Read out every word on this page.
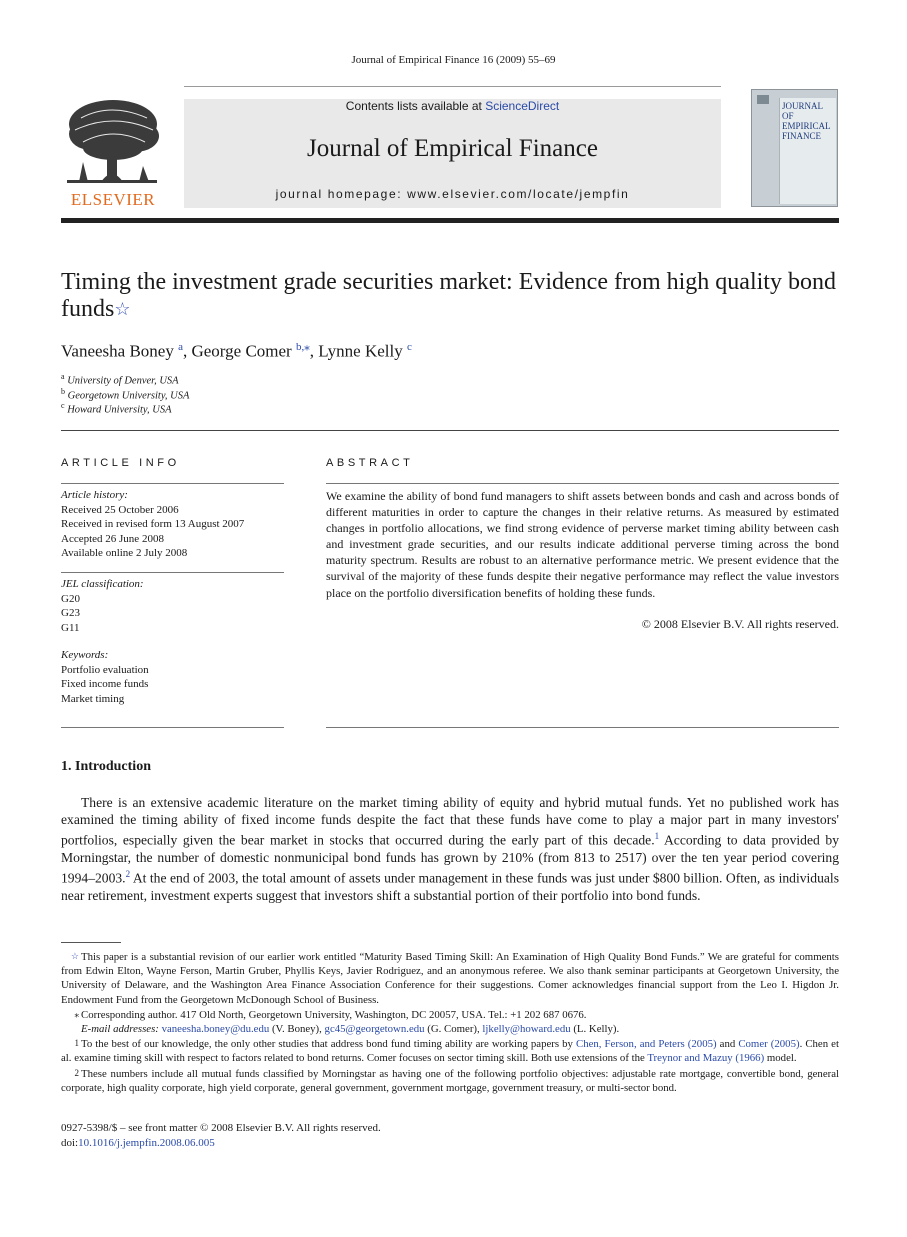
Journal of Empirical Finance 16 (2009) 55–69
ELSEVIER
Contents lists available at ScienceDirect
Journal of Empirical Finance
journal homepage: www.elsevier.com/locate/jempfin
JOURNAL OF EMPIRICAL FINANCE
Timing the investment grade securities market: Evidence from high quality bond funds☆
Vaneesha Boney $^a$, George Comer $^{b,⁎}$, Lynne Kelly $^c$
$^a$ University of Denver, USA
$^b$ Georgetown University, USA
$^c$ Howard University, USA
ARTICLE INFO	ABSTRACT
Article history:
Received 25 October 2006
Received in revised form 13 August 2007
Accepted 26 June 2008
Available online 2 July 2008
JEL classification:
G20
G23
G11
Keywords:
Portfolio evaluation
Fixed income funds
Market timing
We examine the ability of bond fund managers to shift assets between bonds and cash and across bonds of different maturities in order to capture the changes in their relative returns. As measured by estimated changes in portfolio allocations, we find strong evidence of perverse market timing ability between cash and investment grade securities, and our results indicate additional perverse timing across the bond maturity spectrum. Results are robust to an alternative performance metric. We present evidence that the survival of the majority of these funds despite their negative performance may reflect the value investors place on the portfolio diversification benefits of holding these funds.
© 2008 Elsevier B.V. All rights reserved.
1. Introduction
There is an extensive academic literature on the market timing ability of equity and hybrid mutual funds. Yet no published work has examined the timing ability of fixed income funds despite the fact that these funds have come to play a major part in many investors' portfolios, especially given the bear market in stocks that occurred during the early part of this decade.$^1$ According to data provided by Morningstar, the number of domestic nonmunicipal bond funds has grown by 210% (from 813 to 2517) over the ten year period covering 1994–2003.$^2$ At the end of 2003, the total amount of assets under management in these funds was just under $800 billion. Often, as individuals near retirement, investment experts suggest that investors shift a substantial portion of their portfolio into bond funds.

☆ This paper is a substantial revision of our earlier work entitled “Maturity Based Timing Skill: An Examination of High Quality Bond Funds.” We are grateful for comments from Edwin Elton, Wayne Ferson, Martin Gruber, Phyllis Keys, Javier Rodriguez, and an anonymous referee. We also thank seminar participants at Georgetown University, the University of Delaware, and the Washington Area Finance Association Conference for their suggestions. Comer acknowledges financial support from the Leo I. Higdon Jr. Endowment Fund from the Georgetown McDonough School of Business.

⁎ Corresponding author. 417 Old North, Georgetown University, Washington, DC 20057, USA. Tel.: +1 202 687 0676.

E-mail addresses: vaneesha.boney@du.edu (V. Boney), gc45@georgetown.edu (G. Comer), ljkelly@howard.edu (L. Kelly).

1 To the best of our knowledge, the only other studies that address bond fund timing ability are working papers by Chen, Ferson, and Peters (2005) and Comer (2005). Chen et al. examine timing skill with respect to factors related to bond returns. Comer focuses on sector timing skill. Both use extensions of the Treynor and Mazuy (1966) model.

2 These numbers include all mutual funds classified by Morningstar as having one of the following portfolio objectives: adjustable rate mortgage, convertible bond, general corporate, high quality corporate, high yield corporate, general government, government mortgage, government treasury, or multi-sector bond.

0927-5398/$ – see front matter © 2008 Elsevier B.V. All rights reserved.
doi:10.1016/j.jempfin.2008.06.005
